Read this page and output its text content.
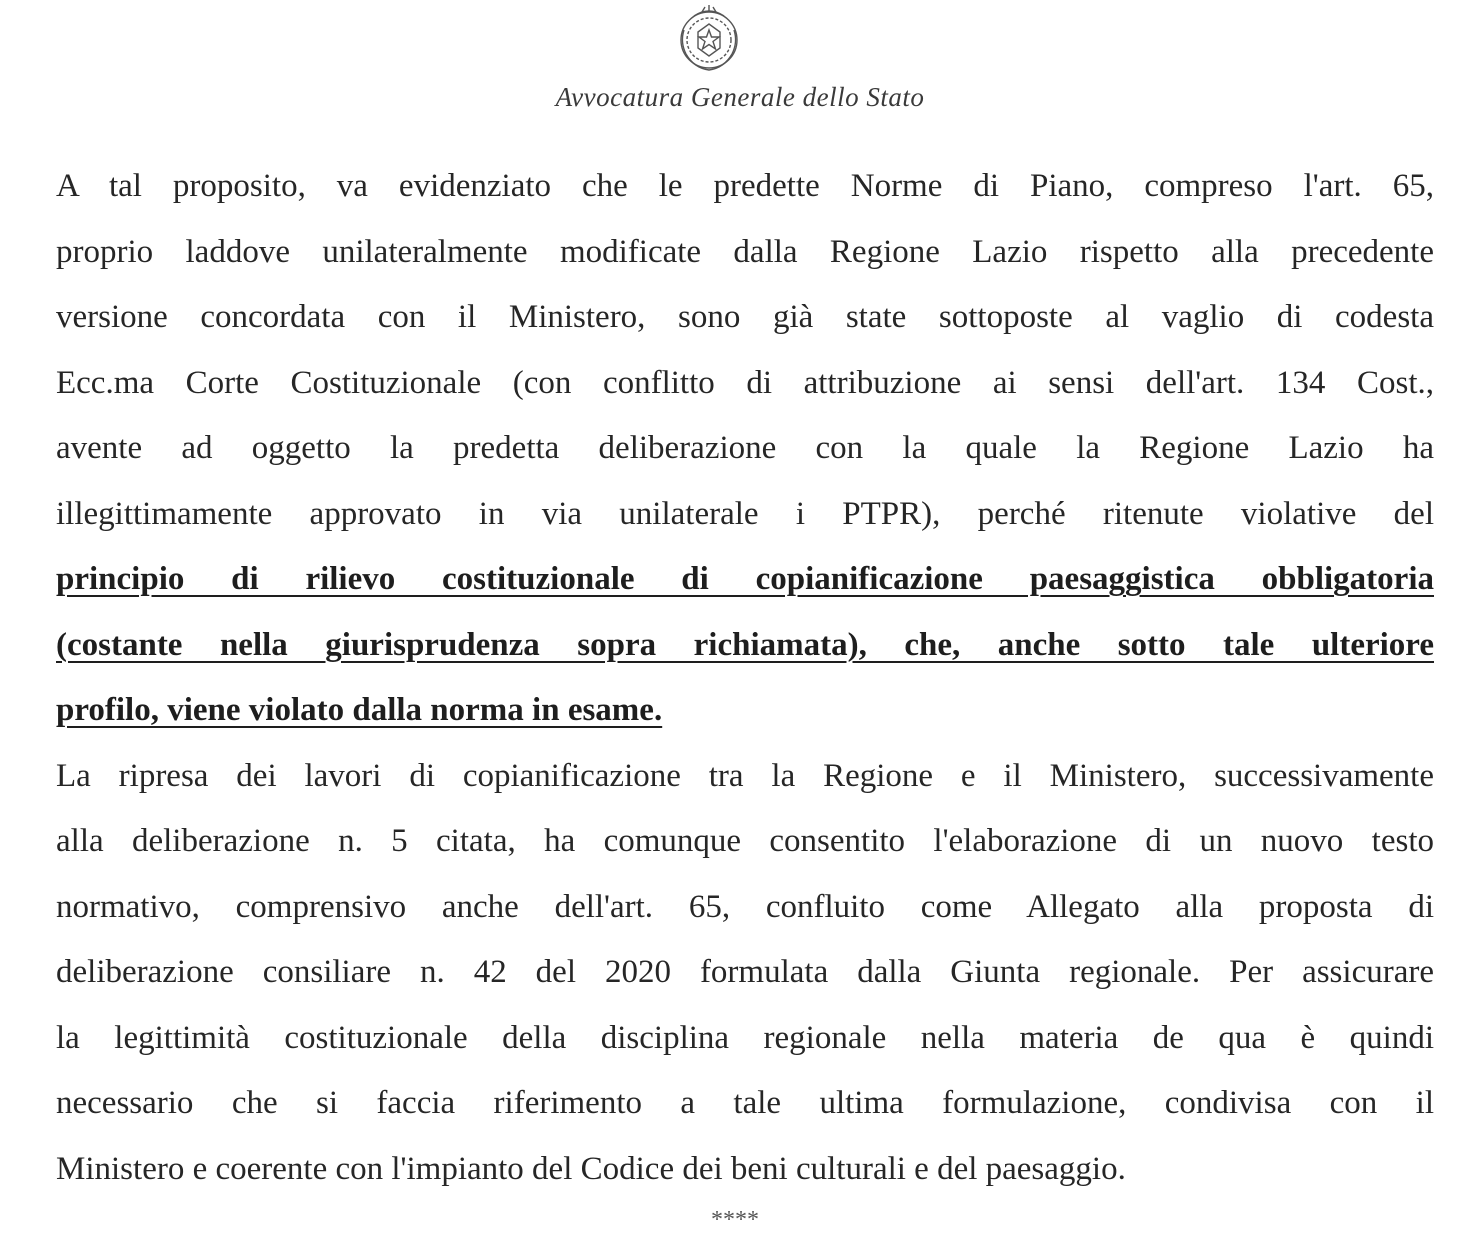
Avvocatura Generale dello Stato
A tal proposito, va evidenziato che le predette Norme di Piano, compreso l'art. 65,
proprio laddove unilateralmente modificate dalla Regione Lazio rispetto alla precedente
versione concordata con il Ministero, sono già state sottoposte al vaglio di codesta
Ecc.ma Corte Costituzionale (con conflitto di attribuzione ai sensi dell'art. 134 Cost.,
avente ad oggetto la predetta deliberazione con la quale la Regione Lazio ha
illegittimamente approvato in via unilaterale i PTPR), perché ritenute violative del
principio di rilievo costituzionale di copianificazione paesaggistica obbligatoria
(costante nella giurisprudenza sopra richiamata), che, anche sotto tale ulteriore
profilo, viene violato dalla norma in esame.
La ripresa dei lavori di copianificazione tra la Regione e il Ministero, successivamente
alla deliberazione n. 5 citata, ha comunque consentito l'elaborazione di un nuovo testo
normativo, comprensivo anche dell'art. 65, confluito come Allegato alla proposta di
deliberazione consiliare n. 42 del 2020 formulata dalla Giunta regionale. Per assicurare
la legittimità costituzionale della disciplina regionale nella materia de qua è quindi
necessario che si faccia riferimento a tale ultima formulazione, condivisa con il
Ministero e coerente con l'impianto del Codice dei beni culturali e del paesaggio.
****
